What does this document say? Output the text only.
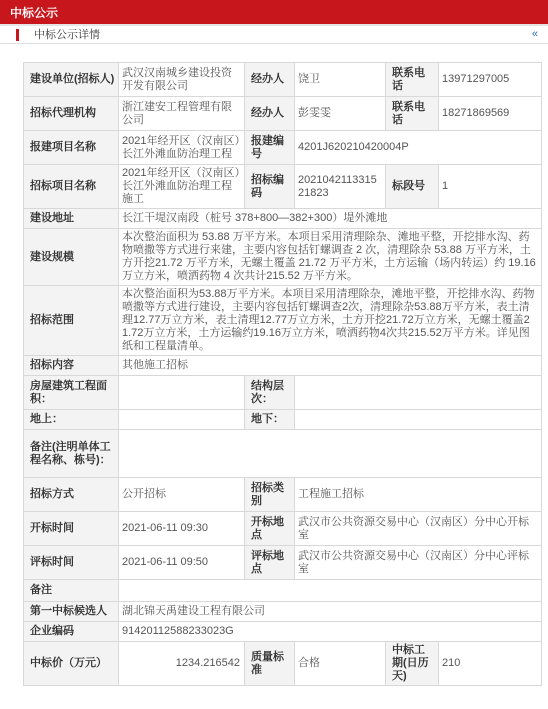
中标公示
中标公示详情	«
建设单位(招标人)	武汉汉南城乡建设投资开发有限公司	经办人	饶卫	联系电话	13971297005
招标代理机构	浙江建安工程管理有限公司	经办人	彭雯雯	联系电话	18271869569
报建项目名称	2021年经开区（汉南区）长江外滩血防治理工程	报建编号	4201J620210420004P		
招标项目名称	2021年经开区（汉南区）长江外滩血防治理工程施工	招标编码	202104211331521823	标段号	1
建设地址	长江干堤汉南段（桩号 378+800—382+300）堤外滩地				
建设规模	本次整治面积为 53.88 万平方米。本项目采用清理除杂、滩地平整，开挖排水沟、药物喷撒等方式进行来建，主要内容包括钉螺调查 2 次，清理除杂 53.88 万平方米，土方开挖21.72 万平方米，无螺土覆盖 21.72 万平方米，土方运输（场内转运）约 19.16 万立方米，喷洒药物 4 次共计215.52 万平方米。				
招标范围	本次整治面积为53.88万平方米。本项目采用清理除杂，滩地平整，开挖排水沟、药物喷撒等方式进行建设，主要内容包括钉螺调查2次，清理除杂53.88万平方米，表土清理12.77万立方米，表土清理12.77万立方米，土方开挖21.72万立方米，无螺土覆盖21.72万立方米，土方运输约19.16万立方米，喷洒药物4次共215.52万平方米。详见图纸和工程量清单。				
招标内容	其他施工招标				
房屋建筑工程面积：		结构层次：			
地上：		地下：			
备注(注明单体工程名称、栋号)：					
招标方式	公开招标	招标类别	工程施工招标		
开标时间	2021-06-11 09:30	开标地点	武汉市公共资源交易中心（汉南区）分中心开标室		
评标时间	2021-06-11 09:50	评标地点	武汉市公共资源交易中心（汉南区）分中心评标室		
备注					
第一中标候选人	湖北锦天禹建设工程有限公司				
企业编码	91420112588233023G				
中标价（万元）	1234.216542	质量标准	合格	中标工期(日历天)	210
